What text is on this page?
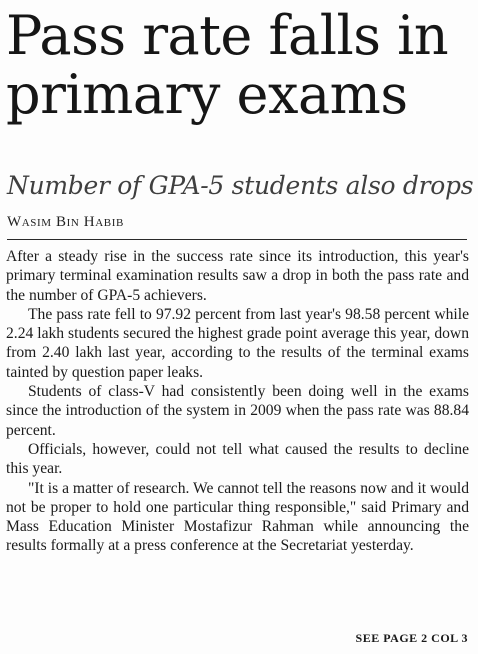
Pass rate falls in primary exams
Number of GPA-5 students also drops
Wasim Bin Habib

After a steady rise in the success rate since its introduction, this year's primary terminal examination results saw a drop in both the pass rate and the number of GPA-5 achievers.

The pass rate fell to 97.92 percent from last year's 98.58 percent while 2.24 lakh students secured the highest grade point average this year, down from 2.40 lakh last year, according to the results of the terminal exams tainted by question paper leaks.

Students of class-V had consistently been doing well in the exams since the introduction of the system in 2009 when the pass rate was 88.84 percent.

Officials, however, could not tell what caused the results to decline this year.

"It is a matter of research. We cannot tell the reasons now and it would not be proper to hold one particular thing responsible," said Primary and Mass Education Minister Mostafizur Rahman while announcing the results formally at a press conference at the Secretariat yesterday.

SEE PAGE 2 COL 3
